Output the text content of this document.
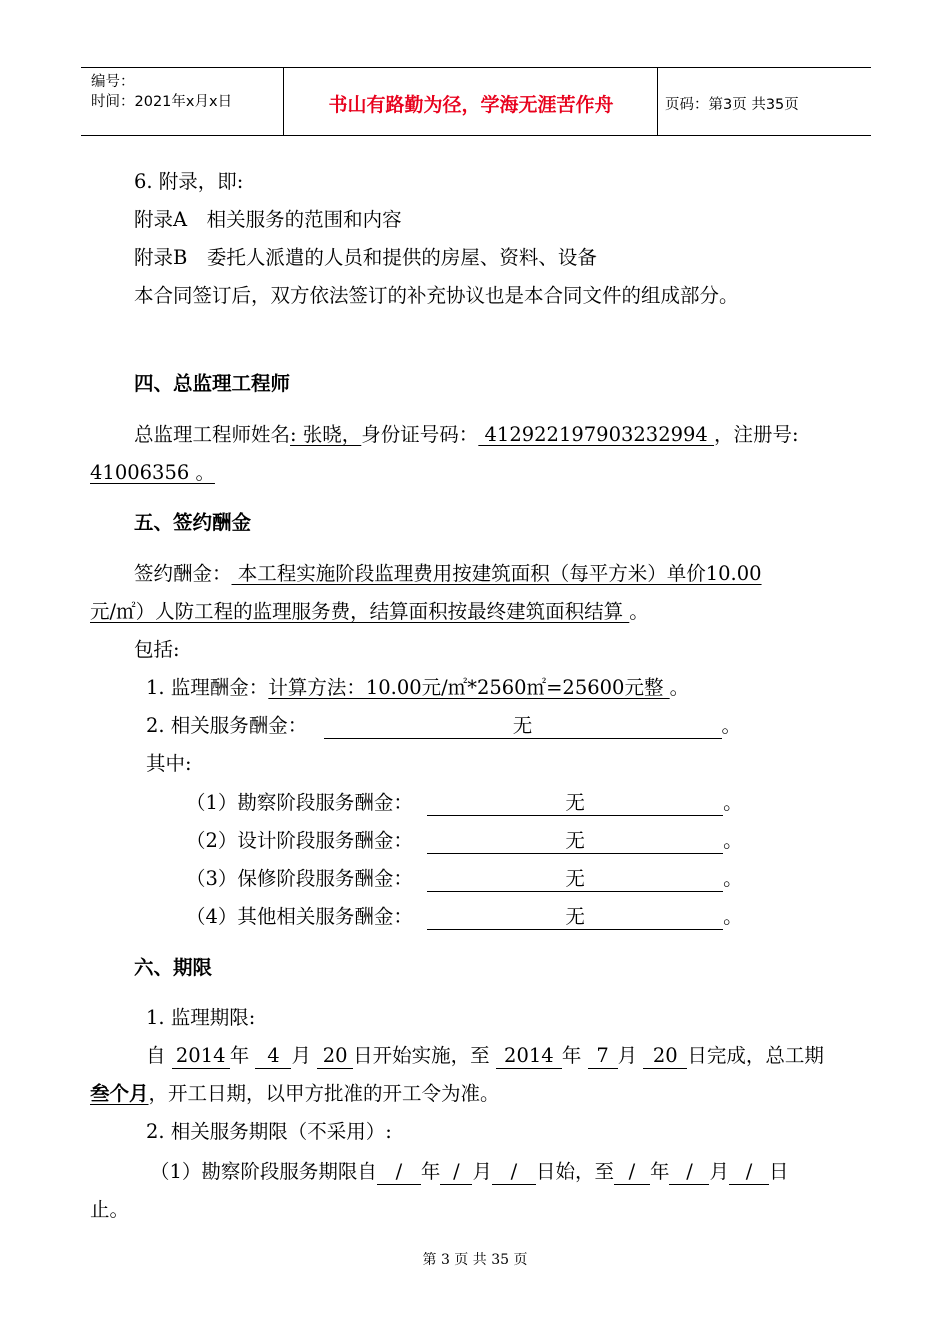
编号：
时间：2021年x月x日	书山有路勤为径，学海无涯苦作舟	页码：第3页 共35页
6. 附录，即:
附录A　相关服务的范围和内容
附录B　委托人派遣的人员和提供的房屋、资料、设备
本合同签订后，双方依法签订的补充协议也是本合同文件的组成部分。
四、总监理工程师
总监理工程师姓名: 张晓，身份证号码： 412922197903232994 ，注册号:
41006356 。
五、签约酬金
签约酬金： 本工程实施阶段监理费用按建筑面积（每平方米）单价10.00
元/㎡）人防工程的监理服务费，结算面积按最终建筑面积结算 。
包括:
1. 监理酬金：计算方法：10.00元/㎡*2560㎡=25600元整 。
2. 相关服务酬金：	无	。
其中:
（1）勘察阶段服务酬金：	无	。
（2）设计阶段服务酬金：	无	。
（3）保修阶段服务酬金：	无	。
（4）其他相关服务酬金：	无	。
六、期限
1. 监理期限:
自 2014 年 4 月 20 日开始实施，至 2014 年 7 月 20 日完成，总工期
叁个月，开工日期，以甲方批准的开工令为准。
2. 相关服务期限（不采用）:
（1）勘察阶段服务期限自 / 年 / 月 / 日始，至 / 年 / 月 / 日
止。
第 3 页 共 35 页
